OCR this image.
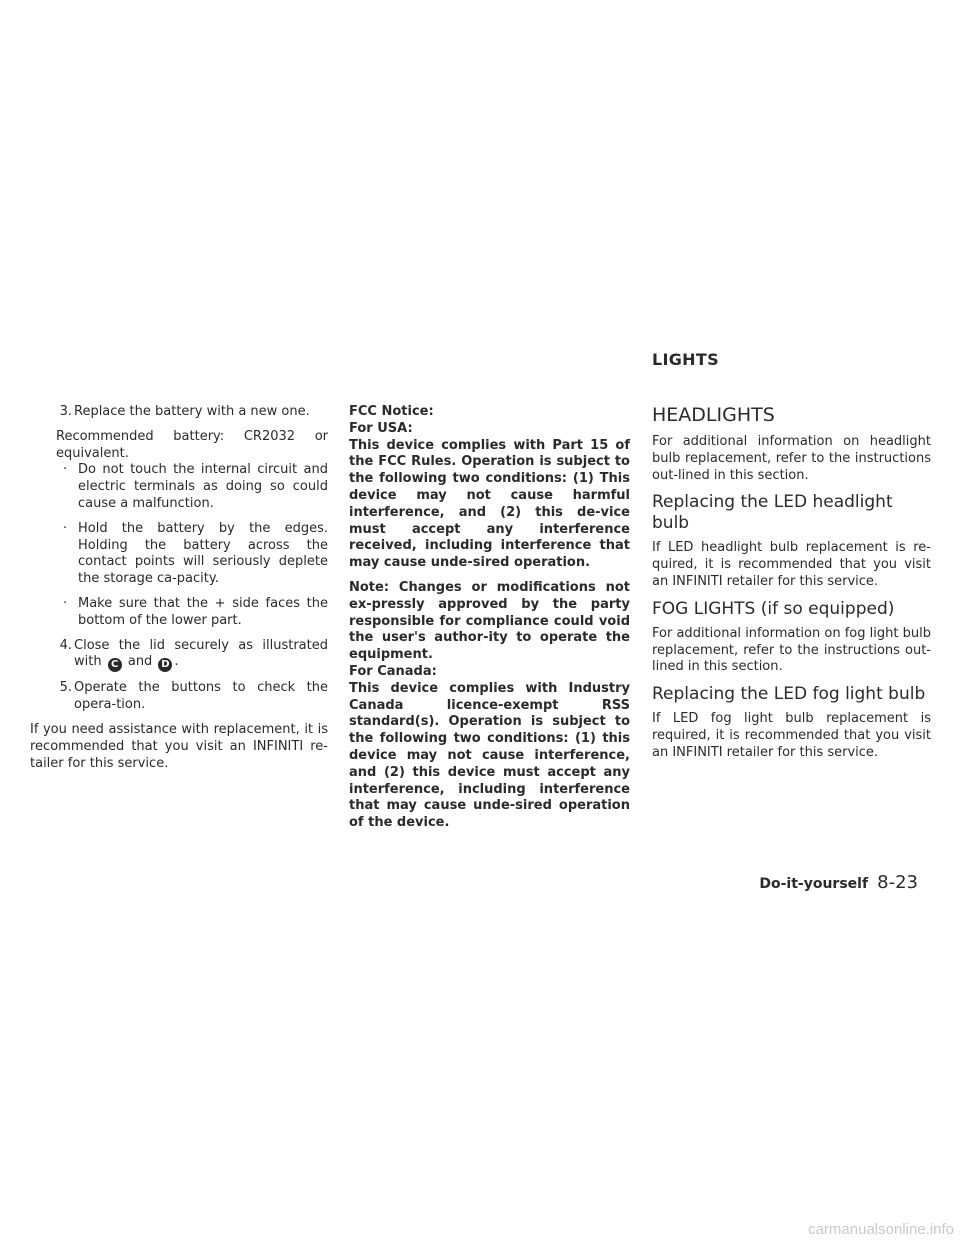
3 . Replace the battery with a new one.

Recommended battery: CR2032 or equivalent.

· Do not touch the internal circuit and electric terminals as doing so could cause a malfunction.
· Hold the battery by the edges. Holding the battery across the contact points will seriously deplete the storage ca-pacity.
· Make sure that the + side faces the bottom of the lower part.
4 . Close the lid securely as illustrated with C and D .

5 . Operate the buttons to check the opera-tion.

If you need assistance with replacement, it is recommended that you visit an INFINITI re-tailer for this service.

FCC Notice:

For USA:

This device complies with Part 15 of the FCC Rules. Operation is subject to the following two conditions: (1) This device may not cause harmful interference, and (2) this de-vice must accept any interference received, including interference that may cause unde-sired operation.

Note: Changes or modifications not ex-pressly approved by the party responsible for compliance could void the user's author-ity to operate the equipment.

For Canada:

This device complies with Industry Canada licence-exempt RSS standard(s). Operation is subject to the following two conditions: (1) this device may not cause interference, and (2) this device must accept any interference, including interference that may cause unde-sired operation of the device.

LIGHTS
HEADLIGHTS

For additional information on headlight bulb replacement, refer to the instructions out-lined in this section.

Replacing the LED headlight bulb

If LED headlight bulb replacement is re-quired, it is recommended that you visit an INFINITI retailer for this service.

FOG LIGHTS (if so equipped)

For additional information on fog light bulb replacement, refer to the instructions out-lined in this section.

Replacing the LED fog light bulb

If LED fog light bulb replacement is required, it is recommended that you visit an INFINITI retailer for this service.

Do-it-yourself 8-23
carmanualsonline.info
